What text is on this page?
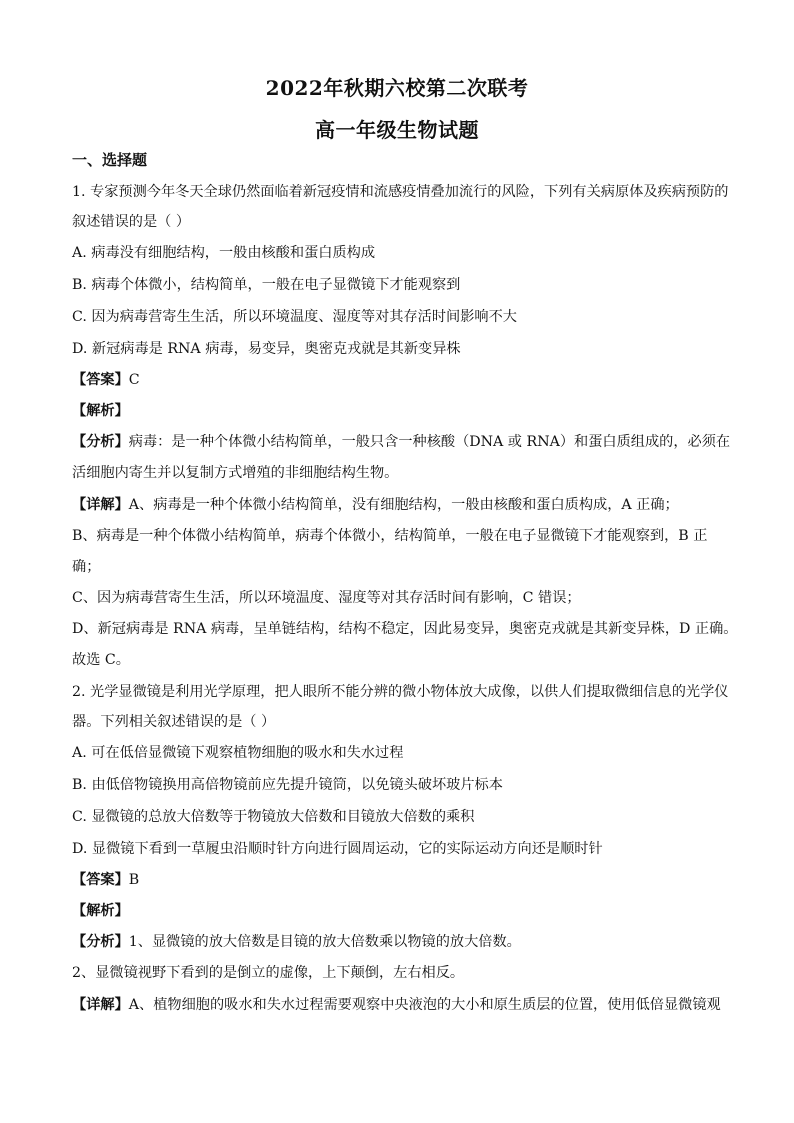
2022年秋期六校第二次联考
高一年级生物试题
一、选择题
1. 专家预测今年冬天全球仍然面临着新冠疫情和流感疫情叠加流行的风险，下列有关病原体及疾病预防的
叙述错误的是（ ）
A. 病毒没有细胞结构，一般由核酸和蛋白质构成
B. 病毒个体微小，结构简单，一般在电子显微镜下才能观察到
C. 因为病毒营寄生生活，所以环境温度、湿度等对其存活时间影响不大
D. 新冠病毒是 RNA 病毒，易变异，奥密克戎就是其新变异株
【答案】C
【解析】
【分析】病毒：是一种个体微小结构简单，一般只含一种核酸（DNA 或 RNA）和蛋白质组成的，必须在
活细胞内寄生并以复制方式增殖的非细胞结构生物。
【详解】A、病毒是一种个体微小结构简单，没有细胞结构，一般由核酸和蛋白质构成，A 正确；
B、病毒是一种个体微小结构简单，病毒个体微小，结构简单，一般在电子显微镜下才能观察到，B 正
确；
C、因为病毒营寄生生活，所以环境温度、湿度等对其存活时间有影响，C 错误；
D、新冠病毒是 RNA 病毒，呈单链结构，结构不稳定，因此易变异，奥密克戎就是其新变异株，D 正确。
故选 C。
2. 光学显微镜是利用光学原理，把人眼所不能分辨的微小物体放大成像，以供人们提取微细信息的光学仪
器。下列相关叙述错误的是（ ）
A. 可在低倍显微镜下观察植物细胞的吸水和失水过程
B. 由低倍物镜换用高倍物镜前应先提升镜筒，以免镜头破坏玻片标本
C. 显微镜的总放大倍数等于物镜放大倍数和目镜放大倍数的乘积
D. 显微镜下看到一草履虫沿顺时针方向进行圆周运动，它的实际运动方向还是顺时针
【答案】B
【解析】
【分析】1、显微镜的放大倍数是目镜的放大倍数乘以物镜的放大倍数。
2、显微镜视野下看到的是倒立的虚像，上下颠倒，左右相反。
【详解】A、植物细胞的吸水和失水过程需要观察中央液泡的大小和原生质层的位置，使用低倍显微镜观
